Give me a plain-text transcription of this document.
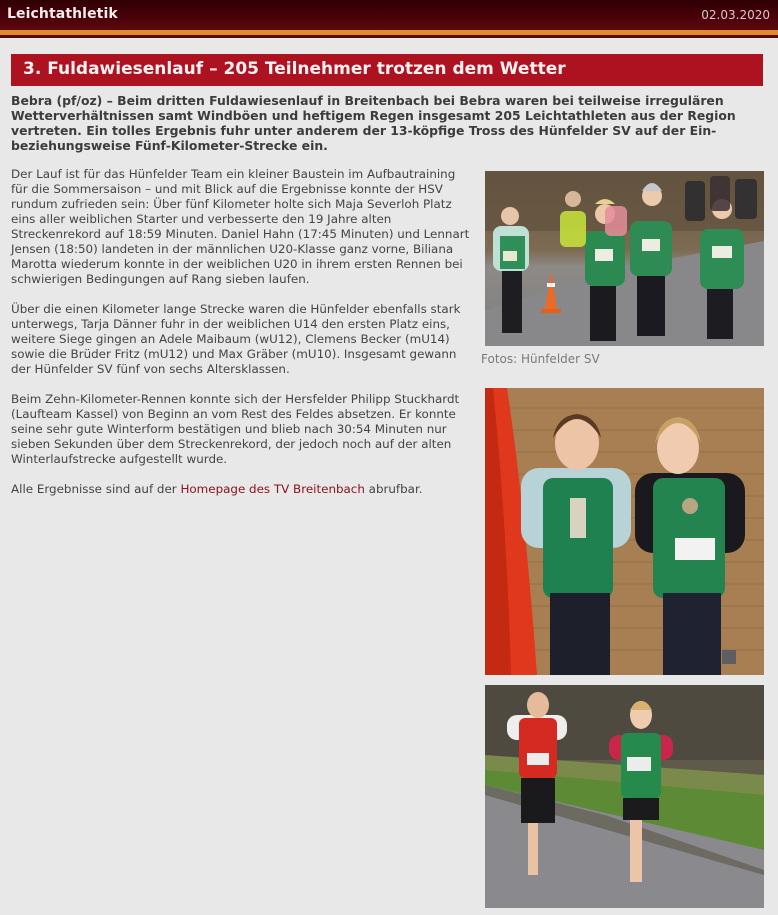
Leichtathletik	02.03.2020
3. Fuldawiesenlauf – 205 Teilnehmer trotzen dem Wetter

Bebra (pf/oz) – Beim dritten Fuldawiesenlauf in Breitenbach bei Bebra waren bei teilweise irregulären Wetterverhältnissen samt Windböen und heftigem Regen insgesamt 205 Leichtathleten aus der Region vertreten. Ein tolles Ergebnis fuhr unter anderem der 13-köpfige Tross des Hünfelder SV auf der Ein- beziehungsweise Fünf-Kilometer-Strecke ein.

Der Lauf ist für das Hünfelder Team ein kleiner Baustein im Aufbautraining für die Sommersaison – und mit Blick auf die Ergebnisse konnte der HSV rundum zufrieden sein: Über fünf Kilometer holte sich Maja Severloh Platz eins aller weiblichen Starter und verbesserte den 19 Jahre alten Streckenrekord auf 18:59 Minuten. Daniel Hahn (17:45 Minuten) und Lennart Jensen (18:50) landeten in der männlichen U20-Klasse ganz vorne, Biliana Marotta wiederum konnte in der weiblichen U20 in ihrem ersten Rennen bei schwierigen Bedingungen auf Rang sieben laufen.

Über die einen Kilometer lange Strecke waren die Hünfelder ebenfalls stark unterwegs, Tarja Dänner fuhr in der weiblichen U14 den ersten Platz eins, weitere Siege gingen an Adele Maibaum (wU12), Clemens Becker (mU14) sowie die Brüder Fritz (mU12) und Max Gräber (mU10). Insgesamt gewann der Hünfelder SV fünf von sechs Altersklassen.

Beim Zehn-Kilometer-Rennen konnte sich der Hersfelder Philipp Stuckhardt (Laufteam Kassel) von Beginn an vom Rest des Feldes absetzen. Er konnte seine sehr gute Winterform bestätigen und blieb nach 30:54 Minuten nur sieben Sekunden über dem Streckenrekord, der jedoch noch auf der alten Winterlaufstrecke aufgestellt wurde.

Alle Ergebnisse sind auf der Homepage des TV Breitenbach abrufbar.

Fotos: Hünfelder SV
